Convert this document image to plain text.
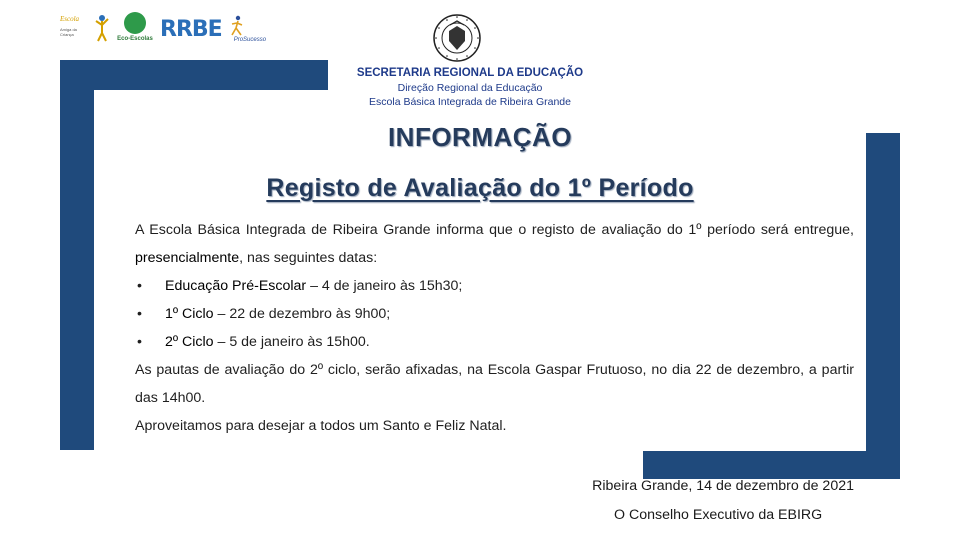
Escola
Amiga da Criança
Eco-Escolas RRBE ProSucesso
SECRETARIA REGIONAL DA EDUCAÇÃO
Direção Regional da Educação
Escola Básica Integrada de Ribeira Grande
INFORMAÇÃO
Registo de Avaliação do 1º Período

A Escola Básica Integrada de Ribeira Grande informa que o registo de avaliação do 1º período será entregue, presencialmente, nas seguintes datas:

• Educação Pré-Escolar – 4 de janeiro às 15h30;
• 1º Ciclo – 22 de dezembro às 9h00;
• 2º Ciclo – 5 de janeiro às 15h00.

As pautas de avaliação do 2º ciclo, serão afixadas, na Escola Gaspar Frutuoso, no dia 22 de dezembro, a partir das 14h00.

Aproveitamos para desejar a todos um Santo e Feliz Natal.

Ribeira Grande, 14 de dezembro de 2021
O Conselho Executivo da EBIRG
